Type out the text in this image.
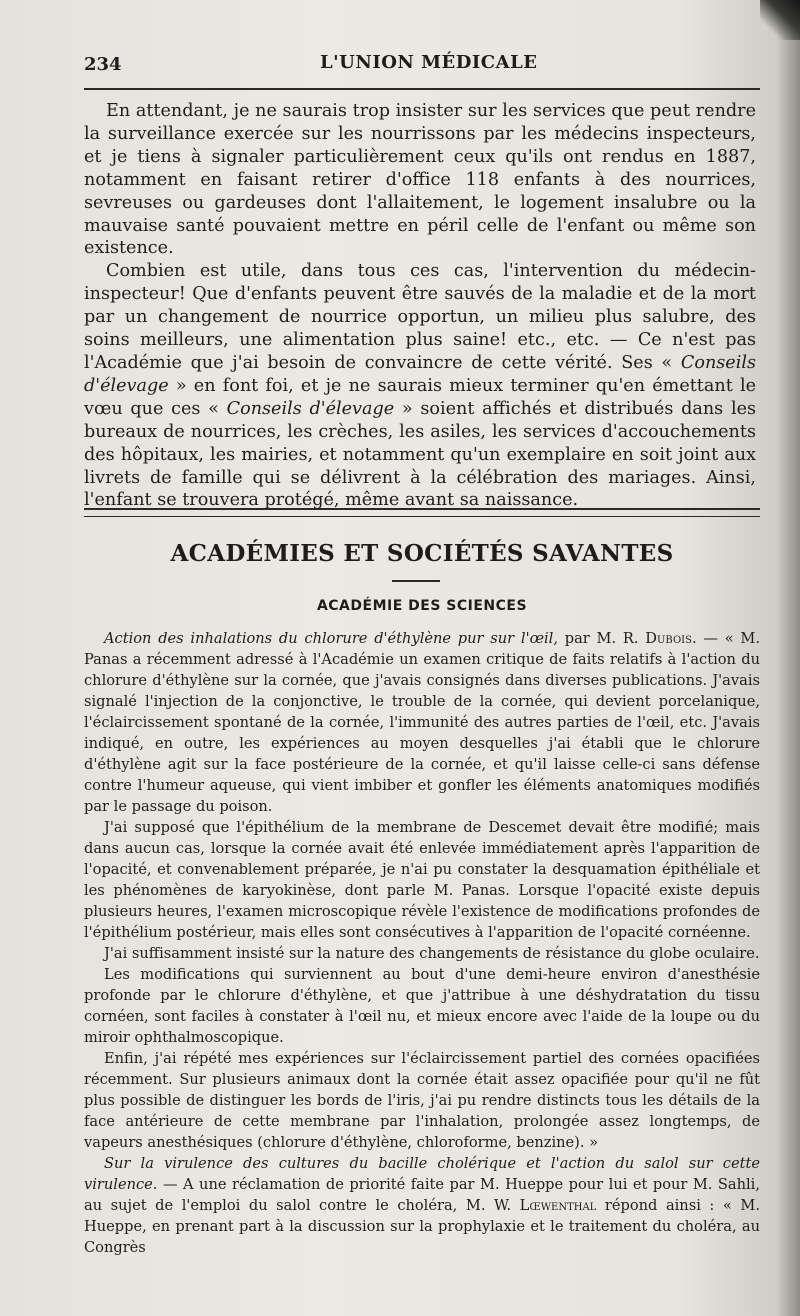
234	L'UNION MÉDICALE

En attendant, je ne saurais trop insister sur les services que peut rendre la surveillance exercée sur les nourrissons par les médecins inspecteurs, et je tiens à signaler particulièrement ceux qu'ils ont rendus en 1887, notamment en faisant retirer d'office 118 enfants à des nourrices, sevreuses ou gardeuses dont l'allaitement, le logement insalubre ou la mauvaise santé pouvaient mettre en péril celle de l'enfant ou même son existence.

Combien est utile, dans tous ces cas, l'intervention du médecin-inspecteur! Que d'enfants peuvent être sauvés de la maladie et de la mort par un changement de nourrice opportun, un milieu plus salubre, des soins meilleurs, une alimentation plus saine! etc., etc. — Ce n'est pas l'Académie que j'ai besoin de convaincre de cette vérité. Ses « Conseils d'élevage » en font foi, et je ne saurais mieux terminer qu'en émettant le vœu que ces « Conseils d'élevage » soient affichés et distribués dans les bureaux de nourrices, les crèches, les asiles, les services d'accouchements des hôpitaux, les mairies, et notamment qu'un exemplaire en soit joint aux livrets de famille qui se délivrent à la célébration des mariages. Ainsi, l'enfant se trouvera protégé, même avant sa naissance.

ACADÉMIES ET SOCIÉTÉS SAVANTES
ACADÉMIE DES SCIENCES

Action des inhalations du chlorure d'éthylène pur sur l'œil, par M. R. Dubois. — « M. Panas a récemment adressé à l'Académie un examen critique de faits relatifs à l'action du chlorure d'éthylène sur la cornée, que j'avais consignés dans diverses publications. J'avais signalé l'injection de la conjonctive, le trouble de la cornée, qui devient porcelanique, l'éclaircissement spontané de la cornée, l'immunité des autres parties de l'œil, etc. J'avais indiqué, en outre, les expériences au moyen desquelles j'ai établi que le chlorure d'éthylène agit sur la face postérieure de la cornée, et qu'il laisse celle-ci sans défense contre l'humeur aqueuse, qui vient imbiber et gonfler les éléments anatomiques modifiés par le passage du poison.

J'ai supposé que l'épithélium de la membrane de Descemet devait être modifié; mais dans aucun cas, lorsque la cornée avait été enlevée immédiatement après l'apparition de l'opacité, et convenablement préparée, je n'ai pu constater la desquamation épithéliale et les phénomènes de karyokinèse, dont parle M. Panas. Lorsque l'opacité existe depuis plusieurs heures, l'examen microscopique révèle l'existence de modifications profondes de l'épithélium postérieur, mais elles sont consécutives à l'apparition de l'opacité cornéenne.

J'ai suffisamment insisté sur la nature des changements de résistance du globe oculaire.

Les modifications qui surviennent au bout d'une demi-heure environ d'anesthésie profonde par le chlorure d'éthylène, et que j'attribue à une déshydratation du tissu cornéen, sont faciles à constater à l'œil nu, et mieux encore avec l'aide de la loupe ou du miroir ophthalmoscopique.

Enfin, j'ai répété mes expériences sur l'éclaircissement partiel des cornées opacifiées récemment. Sur plusieurs animaux dont la cornée était assez opacifiée pour qu'il ne fût plus possible de distinguer les bords de l'iris, j'ai pu rendre distincts tous les détails de la face antérieure de cette membrane par l'inhalation, prolongée assez longtemps, de vapeurs anesthésiques (chlorure d'éthylène, chloroforme, benzine). »

Sur la virulence des cultures du bacille cholérique et l'action du salol sur cette virulence. — A une réclamation de priorité faite par M. Hueppe pour lui et pour M. Sahli, au sujet de l'emploi du salol contre le choléra, M. W. Lœwenthal répond ainsi : « M. Hueppe, en prenant part à la discussion sur la prophylaxie et le traitement du choléra, au Congrès
